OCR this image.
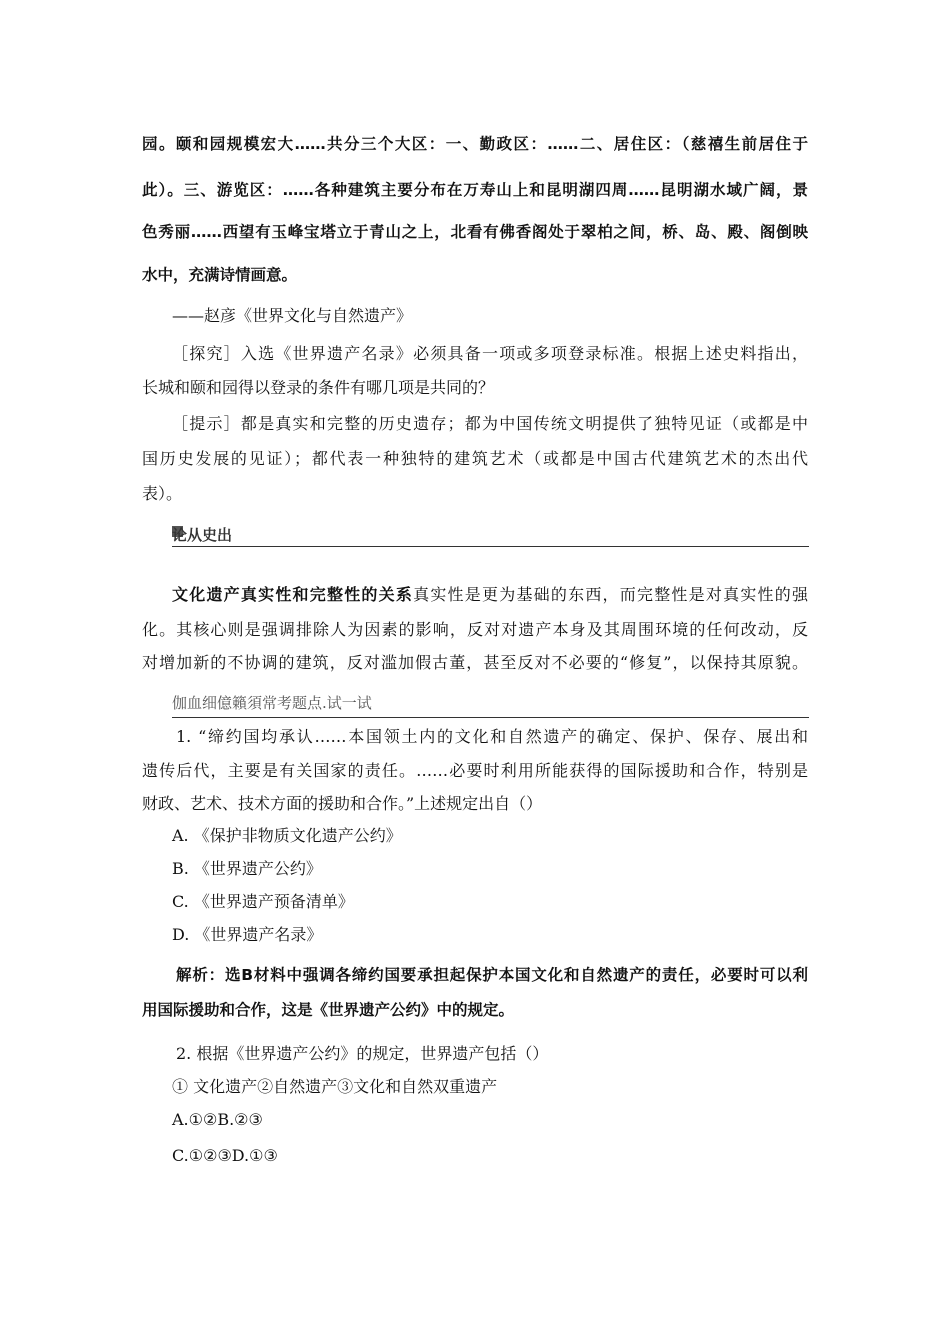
园。颐和园规模宏大……共分三个大区：一、勤政区：……二、居住区：（慈禧生前居住于
此）。三、游览区：……各种建筑主要分布在万寿山上和昆明湖四周……昆明湖水域广阔，景
色秀丽……西望有玉峰宝塔立于青山之上，北看有佛香阁处于翠柏之间，桥、岛、殿、阁倒映
水中，充满诗情画意。
——赵彦《世界文化与自然遗产》
［探究］入选《世界遗产名录》必须具备一项或多项登录标准。根据上述史料指出，
长城和颐和园得以登录的条件有哪几项是共同的？
［提示］都是真实和完整的历史遗存；都为中国传统文明提供了独特见证（或都是中
国历史发展的见证）；都代表一种独特的建筑艺术（或都是中国古代建筑艺术的杰出代
表）。
论从史出
文化遗产真实性和完整性的关系真实性是更为基础的东西，而完整性是对真实性的强
化。其核心则是强调排除人为因素的影响，反对对遗产本身及其周围环境的任何改动，反
对增加新的不协调的建筑，反对滥加假古董，甚至反对不必要的“修复”，以保持其原貌。
伽血细億籟須常考题点.试一试
1. “缔约国均承认……本国领土内的文化和自然遗产的确定、保护、保存、展出和
遗传后代，主要是有关国家的责任。……必要时利用所能获得的国际援助和合作，特别是
财政、艺术、技术方面的援助和合作。”上述规定出自（）
A. 《保护非物质文化遗产公约》
B. 《世界遗产公约》
C. 《世界遗产预备清单》
D. 《世界遗产名录》
解析：选B材料中强调各缔约国要承担起保护本国文化和自然遗产的责任，必要时可以利
用国际援助和合作，这是《世界遗产公约》中的规定。
2. 根据《世界遗产公约》的规定，世界遗产包括（）
① 文化遗产②自然遗产③文化和自然双重遗产
A.①②B.②③
C.①②③D.①③
